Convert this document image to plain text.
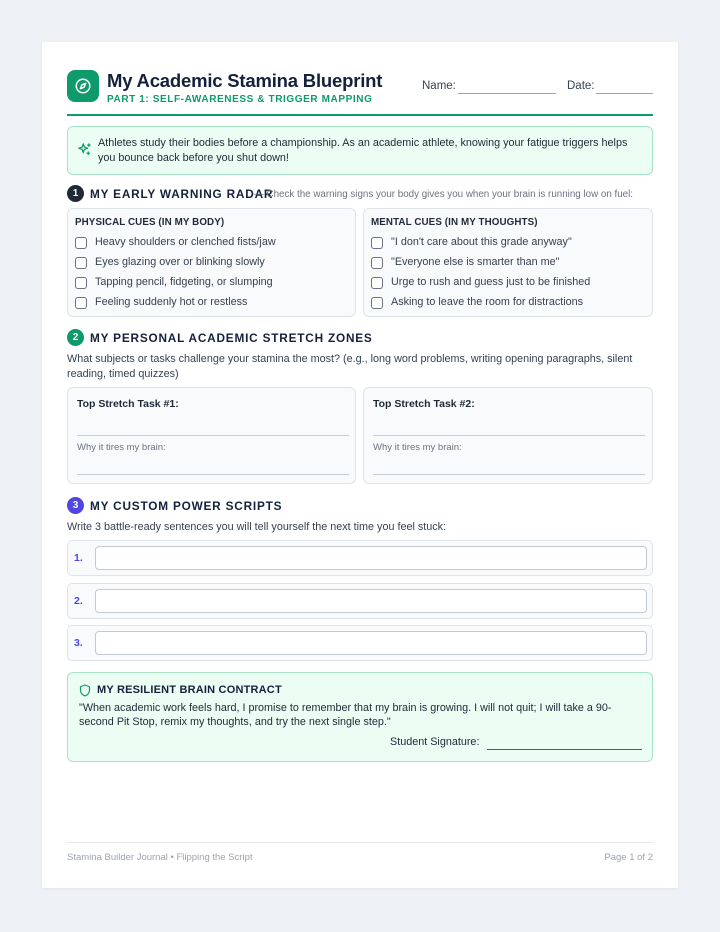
My Academic Stamina Blueprint
PART 1: SELF-AWARENESS & TRIGGER MAPPING
Name:	Date:
Athletes study their bodies before a championship. As an academic athlete, knowing your fatigue triggers helps you bounce back before you shut down!
1 MY EARLY WARNING RADAR
— Check the warning signs your body gives you when your brain is running low on fuel:
PHYSICAL CUES (IN MY BODY)
Heavy shoulders or clenched fists/jaw
Eyes glazing over or blinking slowly
Tapping pencil, fidgeting, or slumping
Feeling suddenly hot or restless
MENTAL CUES (IN MY THOUGHTS)
"I don't care about this grade anyway"
"Everyone else is smarter than me"
Urge to rush and guess just to be finished
Asking to leave the room for distractions
2 MY PERSONAL ACADEMIC STRETCH ZONES
What subjects or tasks challenge your stamina the most? (e.g., long word problems, writing opening paragraphs, silent reading, timed quizzes)
Top Stretch Task #1:
Why it tires my brain:
Top Stretch Task #2:
Why it tires my brain:
3 MY CUSTOM POWER SCRIPTS
Write 3 battle-ready sentences you will tell yourself the next time you feel stuck:
1.
2.
3.
MY RESILIENT BRAIN CONTRACT
"When academic work feels hard, I promise to remember that my brain is growing. I will not quit; I will take a 90-second Pit Stop, remix my thoughts, and try the next single step."
Student Signature:
Stamina Builder Journal • Flipping the Script	Page 1 of 2
